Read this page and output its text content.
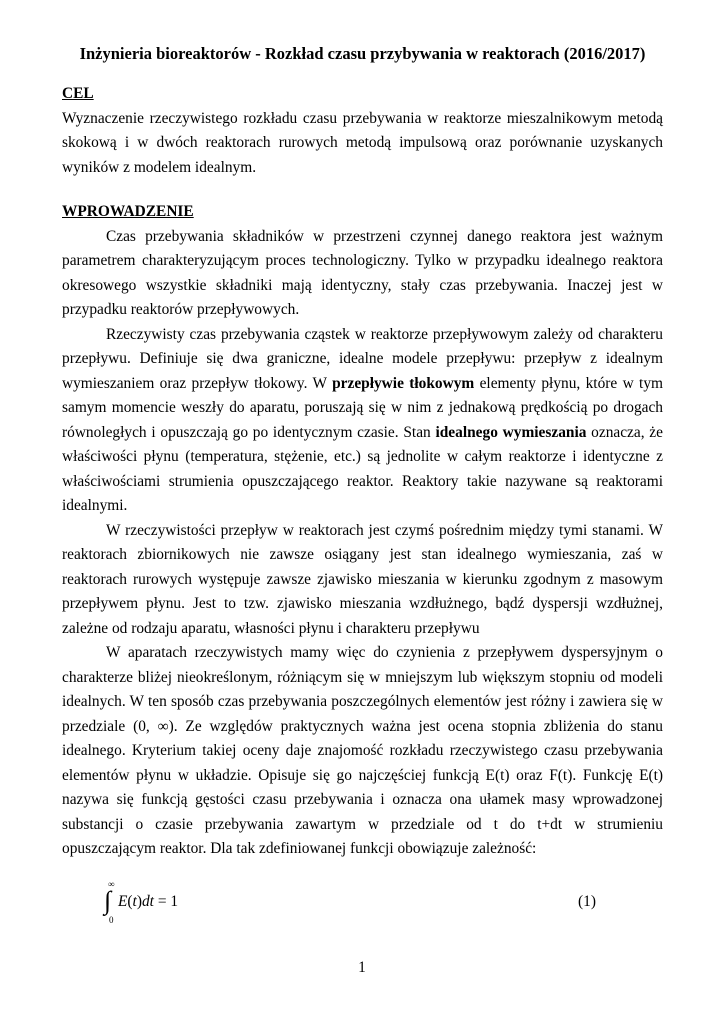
Inżynieria bioreaktorów - Rozkład czasu przybywania w reaktorach (2016/2017)

CEL

Wyznaczenie rzeczywistego rozkładu czasu przebywania w reaktorze mieszalnikowym metodą skokową i w dwóch reaktorach rurowych metodą impulsową oraz porównanie uzyskanych wyników z modelem idealnym.

WPROWADZENIE

Czas przebywania składników w przestrzeni czynnej danego reaktora jest ważnym parametrem charakteryzującym proces technologiczny. Tylko w przypadku idealnego reaktora okresowego wszystkie składniki mają identyczny, stały czas przebywania. Inaczej jest w przypadku reaktorów przepływowych.

Rzeczywisty czas przebywania cząstek w reaktorze przepływowym zależy od charakteru przepływu. Definiuje się dwa graniczne, idealne modele przepływu: przepływ z idealnym wymieszaniem oraz przepływ tłokowy. W przepływie tłokowym elementy płynu, które w tym samym momencie weszły do aparatu, poruszają się w nim z jednakową prędkością po drogach równoległych i opuszczają go po identycznym czasie. Stan idealnego wymieszania oznacza, że właściwości płynu (temperatura, stężenie, etc.) są jednolite w całym reaktorze i identyczne z właściwościami strumienia opuszczającego reaktor. Reaktory takie nazywane są reaktorami idealnymi.

W rzeczywistości przepływ w reaktorach jest czymś pośrednim między tymi stanami. W reaktorach zbiornikowych nie zawsze osiągany jest stan idealnego wymieszania, zaś w reaktorach rurowych występuje zawsze zjawisko mieszania w kierunku zgodnym z masowym przepływem płynu. Jest to tzw. zjawisko mieszania wzdłużnego, bądź dyspersji wzdłużnej, zależne od rodzaju aparatu, własności płynu i charakteru przepływu

W aparatach rzeczywistych mamy więc do czynienia z przepływem dyspersyjnym o charakterze bliżej nieokreślonym, różniącym się w mniejszym lub większym stopniu od modeli idealnych. W ten sposób czas przebywania poszczególnych elementów jest różny i zawiera się w przedziale (0, ∞). Ze względów praktycznych ważna jest ocena stopnia zbliżenia do stanu idealnego. Kryterium takiej oceny daje znajomość rozkładu rzeczywistego czasu przebywania elementów płynu w układzie. Opisuje się go najczęściej funkcją E(t) oraz F(t). Funkcję E(t) nazywa się funkcją gęstości czasu przebywania i oznacza ona ułamek masy wprowadzonej substancji o czasie przebywania zawartym w przedziale od t do t+dt w strumieniu opuszczającym reaktor. Dla tak zdefiniowanej funkcji obowiązuje zależność:

∞
∫
0
E(t)dt = 1	(1)
1
